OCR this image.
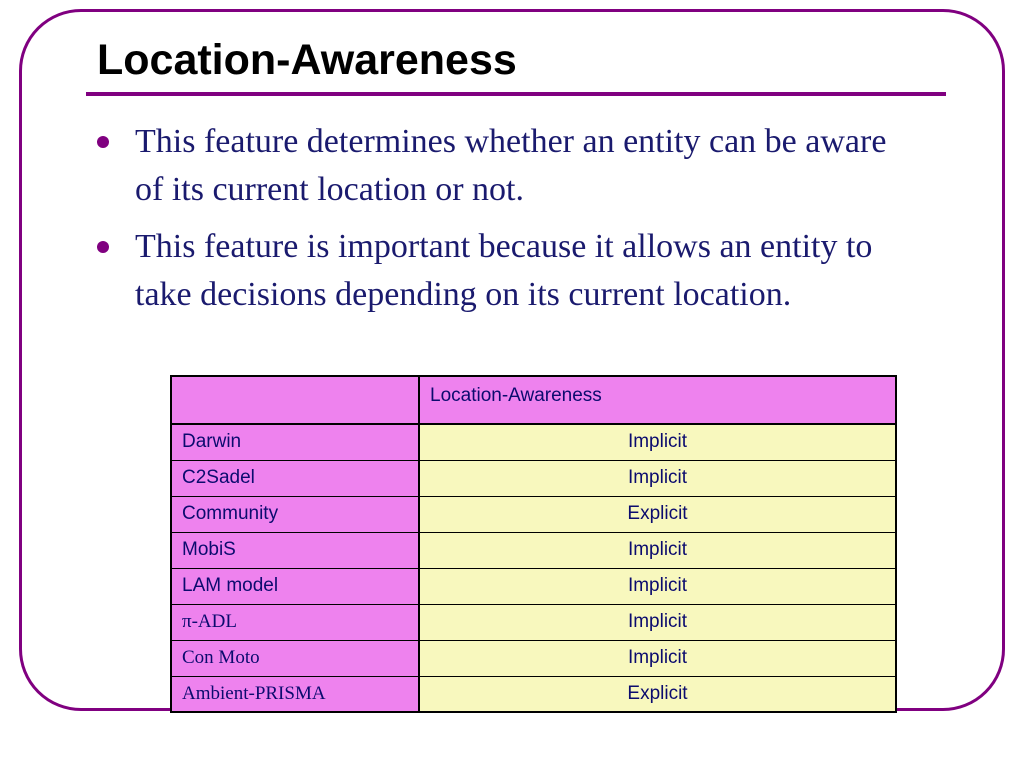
Location-Awareness
This feature determines whether an entity can be aware of its current location or not.
This feature is important because it allows an entity to take decisions depending on its current location.
	Location-Awareness
Darwin	Implicit
C2Sadel	Implicit
Community	Explicit
MobiS	Implicit
LAM model	Implicit
π-ADL	Implicit
Con Moto	Implicit
Ambient-PRISMA	Explicit
